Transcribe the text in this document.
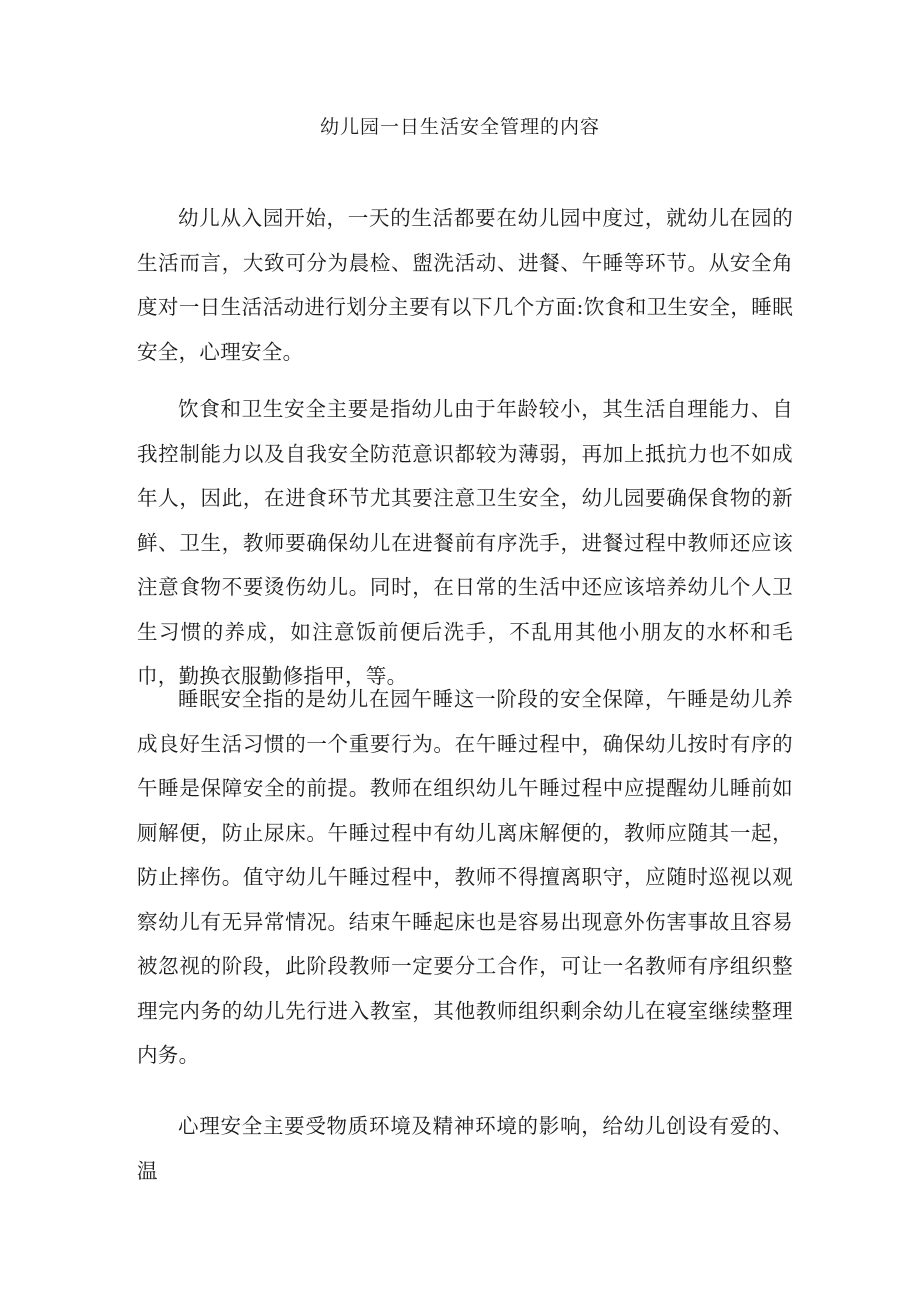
幼儿园一日生活安全管理的内容

幼儿从入园开始，一天的生活都要在幼儿园中度过，就幼儿在园的生活而言，大致可分为晨检、盥洗活动、进餐、午睡等环节。从安全角度对一日生活活动进行划分主要有以下几个方面:饮食和卫生安全，睡眠安全，心理安全。

饮食和卫生安全主要是指幼儿由于年龄较小，其生活自理能力、自我控制能力以及自我安全防范意识都较为薄弱，再加上抵抗力也不如成年人，因此，在进食环节尤其要注意卫生安全，幼儿园要确保食物的新鲜、卫生，教师要确保幼儿在进餐前有序洗手，进餐过程中教师还应该注意食物不要烫伤幼儿。同时，在日常的生活中还应该培养幼儿个人卫生习惯的养成，如注意饭前便后洗手，不乱用其他小朋友的水杯和毛巾，勤换衣服勤修指甲，等。

睡眠安全指的是幼儿在园午睡这一阶段的安全保障，午睡是幼儿养成良好生活习惯的一个重要行为。在午睡过程中，确保幼儿按时有序的午睡是保障安全的前提。教师在组织幼儿午睡过程中应提醒幼儿睡前如厕解便，防止尿床。午睡过程中有幼儿离床解便的，教师应随其一起，防止摔伤。值守幼儿午睡过程中，教师不得擅离职守，应随时巡视以观察幼儿有无异常情况。结束午睡起床也是容易出现意外伤害事故且容易被忽视的阶段，此阶段教师一定要分工合作，可让一名教师有序组织整理完内务的幼儿先行进入教室，其他教师组织剩余幼儿在寝室继续整理内务。

心理安全主要受物质环境及精神环境的影响，给幼儿创设有爱的、温
